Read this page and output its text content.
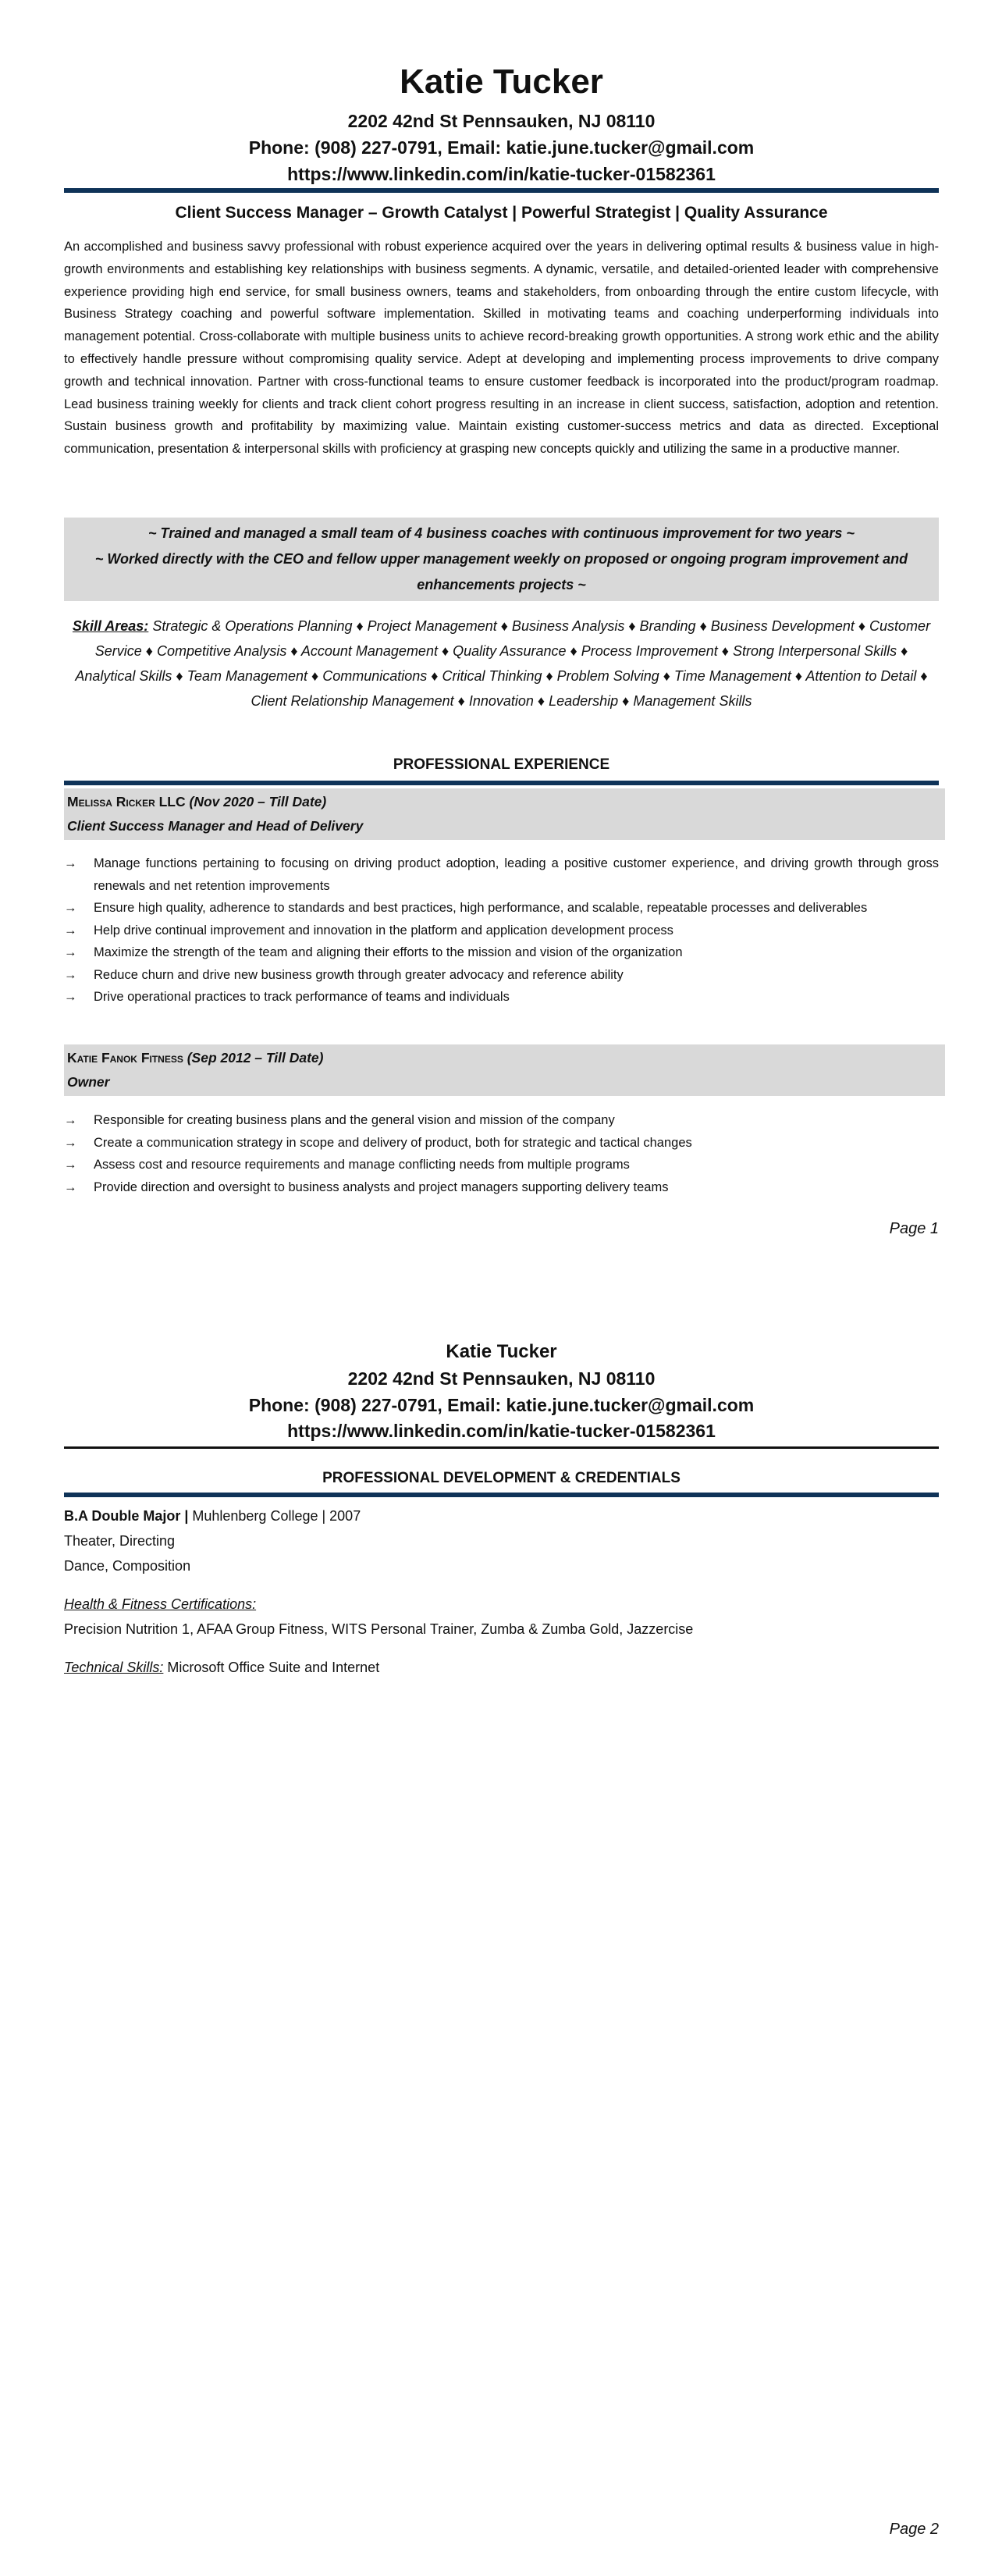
Katie Tucker
2202 42nd St Pennsauken, NJ 08110
Phone: (908) 227-0791, Email: katie.june.tucker@gmail.com
https://www.linkedin.com/in/katie-tucker-01582361
Client Success Manager – Growth Catalyst | Powerful Strategist | Quality Assurance
An accomplished and business savvy professional with robust experience acquired over the years in delivering optimal results & business value in high-growth environments and establishing key relationships with business segments. A dynamic, versatile, and detailed-oriented leader with comprehensive experience providing high end service, for small business owners, teams and stakeholders, from onboarding through the entire custom lifecycle, with Business Strategy coaching and powerful software implementation. Skilled in motivating teams and coaching underperforming individuals into management potential. Cross-collaborate with multiple business units to achieve record-breaking growth opportunities. A strong work ethic and the ability to effectively handle pressure without compromising quality service. Adept at developing and implementing process improvements to drive company growth and technical innovation. Partner with cross-functional teams to ensure customer feedback is incorporated into the product/program roadmap. Lead business training weekly for clients and track client cohort progress resulting in an increase in client success, satisfaction, adoption and retention. Sustain business growth and profitability by maximizing value. Maintain existing customer-success metrics and data as directed. Exceptional communication, presentation & interpersonal skills with proficiency at grasping new concepts quickly and utilizing the same in a productive manner.
~ Trained and managed a small team of 4 business coaches with continuous improvement for two years ~
~ Worked directly with the CEO and fellow upper management weekly on proposed or ongoing program improvement and enhancements projects ~
Skill Areas: Strategic & Operations Planning ♦ Project Management ♦ Business Analysis ♦ Branding ♦ Business Development ♦ Customer Service ♦ Competitive Analysis ♦ Account Management ♦ Quality Assurance ♦ Process Improvement ♦ Strong Interpersonal Skills ♦ Analytical Skills ♦ Team Management ♦ Communications ♦ Critical Thinking ♦ Problem Solving ♦ Time Management ♦ Attention to Detail ♦ Client Relationship Management ♦ Innovation ♦ Leadership ♦ Management Skills
PROFESSIONAL EXPERIENCE
Melissa Ricker LLC (Nov 2020 – Till Date)
Client Success Manager and Head of Delivery
→ Manage functions pertaining to focusing on driving product adoption, leading a positive customer experience, and driving growth through gross renewals and net retention improvements
→ Ensure high quality, adherence to standards and best practices, high performance, and scalable, repeatable processes and deliverables
→ Help drive continual improvement and innovation in the platform and application development process
→ Maximize the strength of the team and aligning their efforts to the mission and vision of the organization
→ Reduce churn and drive new business growth through greater advocacy and reference ability
→ Drive operational practices to track performance of teams and individuals
Katie Fanok Fitness (Sep 2012 – Till Date)
Owner
→ Responsible for creating business plans and the general vision and mission of the company
→ Create a communication strategy in scope and delivery of product, both for strategic and tactical changes
→ Assess cost and resource requirements and manage conflicting needs from multiple programs
→ Provide direction and oversight to business analysts and project managers supporting delivery teams
Page 1
Katie Tucker
2202 42nd St Pennsauken, NJ 08110
Phone: (908) 227-0791, Email: katie.june.tucker@gmail.com
https://www.linkedin.com/in/katie-tucker-01582361
PROFESSIONAL DEVELOPMENT & CREDENTIALS
B.A Double Major | Muhlenberg College | 2007
Theater, Directing
Dance, Composition
Health & Fitness Certifications:
Precision Nutrition 1, AFAA Group Fitness, WITS Personal Trainer, Zumba & Zumba Gold, Jazzercise
Technical Skills: Microsoft Office Suite and Internet
Page 2
